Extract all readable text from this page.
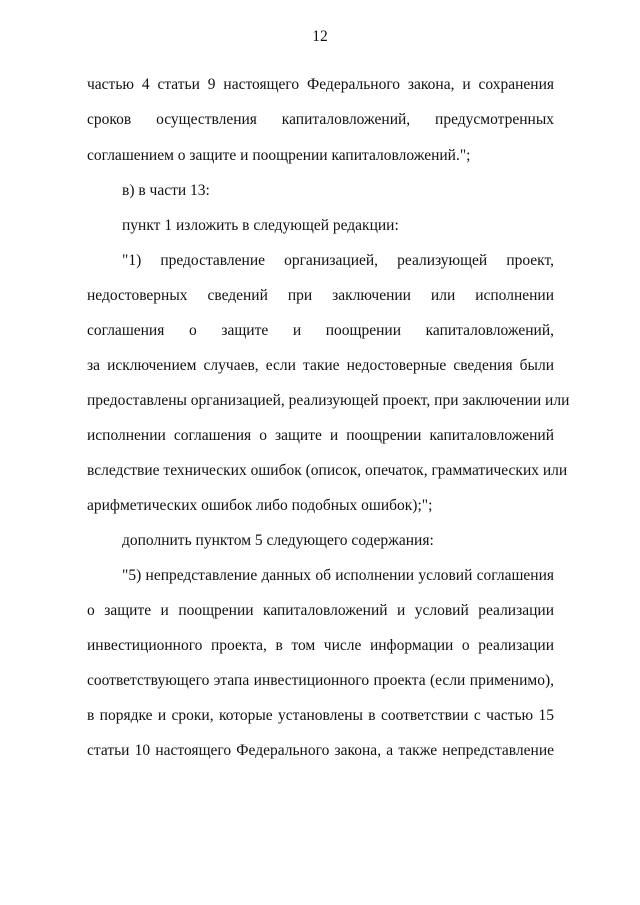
12
частью 4 статьи 9 настоящего Федерального закона, и сохранения
сроков осуществления капиталовложений, предусмотренных
соглашением о защите и поощрении капиталовложений.";
в) в части 13:
пункт 1 изложить в следующей редакции:
"1) предоставление организацией, реализующей проект,
недостоверных сведений при заключении или исполнении
соглашения о защите и поощрении капиталовложений,
за исключением случаев, если такие недостоверные сведения были
предоставлены организацией, реализующей проект, при заключении или
исполнении соглашения о защите и поощрении капиталовложений
вследствие технических ошибок (описок, опечаток, грамматических или
арифметических ошибок либо подобных ошибок);";
дополнить пунктом 5 следующего содержания:
"5) непредставление данных об исполнении условий соглашения
о защите и поощрении капиталовложений и условий реализации
инвестиционного проекта, в том числе информации о реализации
соответствующего этапа инвестиционного проекта (если применимо),
в порядке и сроки, которые установлены в соответствии с частью 15
статьи 10 настоящего Федерального закона, а также непредставление
